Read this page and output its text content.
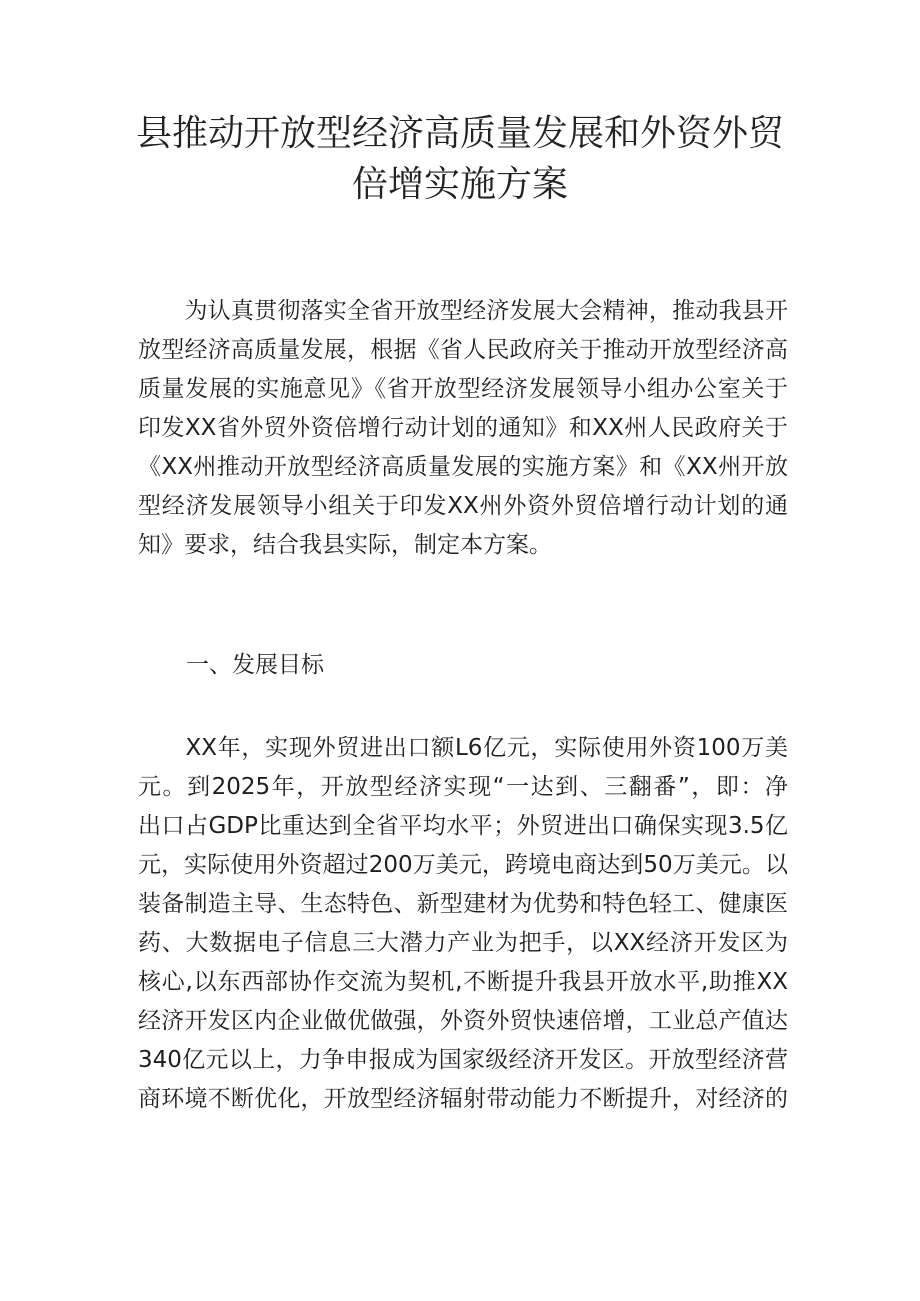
县推动开放型经济高质量发展和外资外贸
倍增实施方案
　　为认真贯彻落实全省开放型经济发展大会精神，推动我县开
放型经济高质量发展，根据《省人民政府关于推动开放型经济高
质量发展的实施意见》《省开放型经济发展领导小组办公室关于
印发XX省外贸外资倍增行动计划的通知》和XX州人民政府关于
《XX州推动开放型经济高质量发展的实施方案》和《XX州开放
型经济发展领导小组关于印发XX州外资外贸倍增行动计划的通
知》要求，结合我县实际，制定本方案。
一、发展目标
　　XX年，实现外贸进出口额L6亿元，实际使用外资100万美
元。到2025年，开放型经济实现“一达到、三翻番”，即：净
出口占GDP比重达到全省平均水平；外贸进出口确保实现3.5亿
元，实际使用外资超过200万美元，跨境电商达到50万美元。以
装备制造主导、生态特色、新型建材为优势和特色轻工、健康医
药、大数据电子信息三大潜力产业为把手，以XX经济开发区为
核心,以东西部协作交流为契机,不断提升我县开放水平,助推XX
经济开发区内企业做优做强，外资外贸快速倍增，工业总产值达
340亿元以上，力争申报成为国家级经济开发区。开放型经济营
商环境不断优化，开放型经济辐射带动能力不断提升，对经济的
